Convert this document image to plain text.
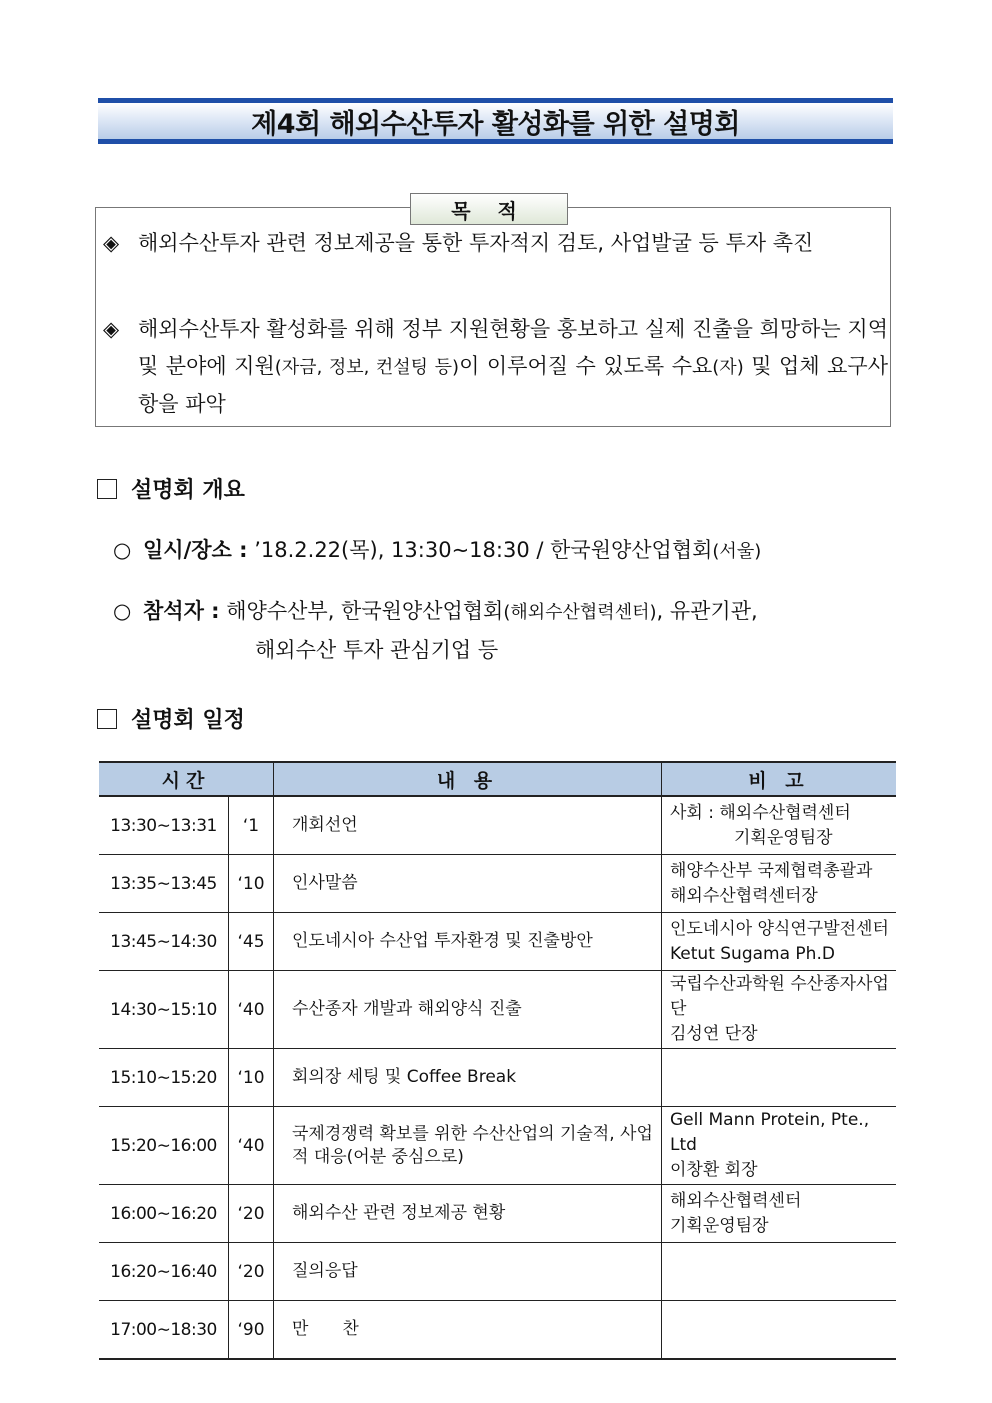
제4회 해외수산투자 활성화를 위한 설명회
목 적
◈ 해외수산투자 관련 정보제공을 통한 투자적지 검토, 사업발굴 등 투자 촉진
◈ 해외수산투자 활성화를 위해 정부 지원현황을 홍보하고 실제 진출을 희망하는 지역 및 분야에 지원(자금, 정보, 컨설팅 등)이 이루어질 수 있도록 수요(자) 및 업체 요구사항을 파악
설명회 개요
○ 일시/장소 : ’18.2.22(목), 13:30∼18:30 / 한국원양산업협회(서울)
○ 참석자 : 해양수산부, 한국원양산업협회(해외수산협력센터), 유관기관,
해외수산 투자 관심기업 등
설명회 일정
시간		내 용	비 고
13:30∼13:31	‘1	개회선언	사회 : 해외수산협력센터
기획운영팀장

13:35∼13:45	‘10	인사말씀	해양수산부 국제협력총괄과
해외수산협력센터장

13:45∼14:30	‘45	인도네시아 수산업 투자환경 및 진출방안	인도네시아 양식연구발전센터
Ketut Sugama Ph.D

14:30∼15:10	‘40	수산종자 개발과 해외양식 진출	국립수산과학원 수산종자사업단
김성연 단장

15:10∼15:20	‘10	회의장 세팅 및 Coffee Break	

15:20∼16:00	‘40	국제경쟁력 확보를 위한 수산산업의 기술적, 사업적 대응(어분 중심으로)	Gell Mann Protein, Pte., Ltd
이창환 회장

16:00∼16:20	‘20	해외수산 관련 정보제공 현황	해외수산협력센터
기획운영팀장

16:20∼16:40	‘20	질의응답	

17:00∼18:30	‘90	만　　찬	
